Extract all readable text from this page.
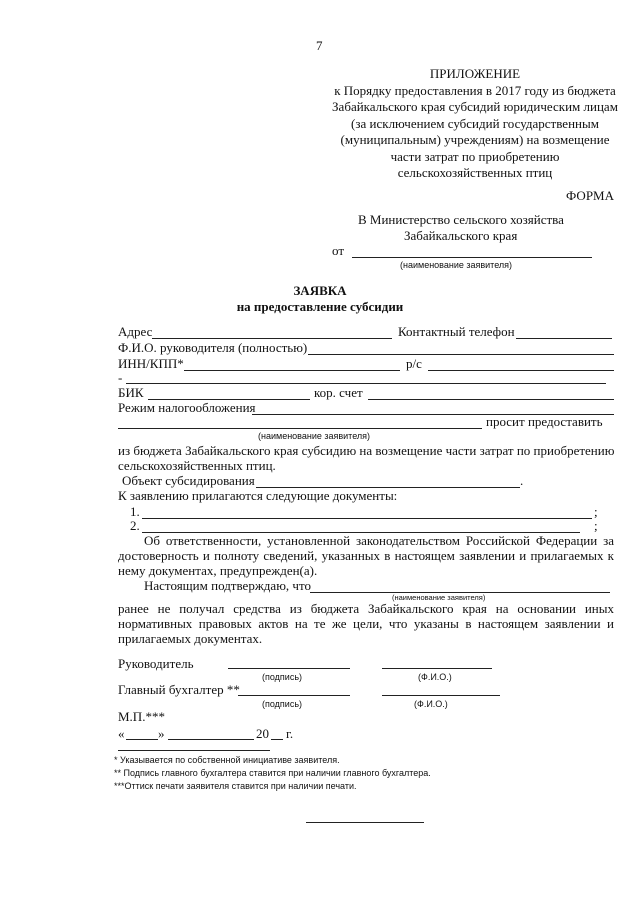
7
ПРИЛОЖЕНИЕ
к Порядку предоставления в 2017 году из бюджета
Забайкальского края субсидий юридическим лицам
(за исключением субсидий государственным
(муниципальным) учреждениям) на возмещение
части затрат по приобретению
сельскохозяйственных птиц
ФОРМА
В Министерство сельского хозяйства
Забайкальского края
от
(наименование заявителя)
ЗАЯВКА
на предоставление субсидии
Адрес	Контактный телефон
Ф.И.О. руководителя (полностью)
ИНН/КПП*	р/с
-
БИК	кор. счет
Режим налогообложения
просит предоставить
(наименование заявителя)
из бюджета Забайкальского края субсидию на возмещение части затрат по приобретению
сельскохозяйственных птиц.
Объект субсидирования	.
К заявлению прилагаются следующие документы:
1.	;
2.	;
Об ответственности, установленной законодательством Российской Федерации за достоверность и полноту сведений, указанных в настоящем заявлении и прилагаемых к нему документах, предупрежден(а).
Настоящим подтверждаю, что
(наименование заявителя)
ранее не получал средства из бюджета Забайкальского края на основании иных нормативных правовых актов на те же цели, что указаны в настоящем заявлении и прилагаемых документах.
Руководитель
(подпись)	(Ф.И.О.)
Главный бухгалтер **
(подпись)	(Ф.И.О.)
М.П.***
«	»	20 г.
* Указывается по собственной инициативе заявителя.
** Подпись главного бухгалтера ставится при наличии главного бухгалтера.
***Оттиск печати заявителя ставится при наличии печати.
